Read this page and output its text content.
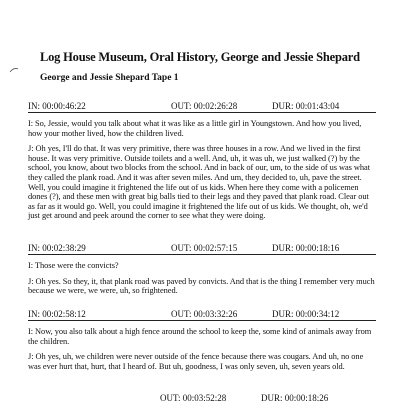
Log House Museum, Oral History, George and Jessie Shepard
George and Jessie Shepard Tape 1
IN: 00:00:46:22	OUT: 00:02:26:28	DUR: 00:01:43:04

I: So, Jessie, would you talk about what it was like as a little girl in Youngstown. And how you lived, how your mother lived, how the children lived.

J: Oh yes, I'll do that. It was very primitive, there was three houses in a row. And we lived in the first house. It was very primitive. Outside toilets and a well. And, uh, it was uh, we just walked (?) by the school, you know, about two blocks from the school. And in back of our, um, to the side of us was what they called the plank road. And it was after seven miles. And um, they decided to, uh, pave the street. Well, you could imagine it frightened the life out of us kids. When here they come with a policemen dones (?), and these men with great big balls tied to their legs and they paved that plank road. Clear out as far as it would go. Well, you could imagine it frightened the life out of us kids. We thought, oh, we'd just get around and peek around the corner to see what they were doing.

IN: 00:02:38:29	OUT: 00:02:57:15	DUR: 00:00:18:16

I: Those were the convicts?

J: Oh yes. So they, it, that plank road was paved by convicts. And that is the thing I remember very much because we were, we were, uh, so frightened.

IN: 00:02:58:12	OUT: 00:03:32:26	DUR: 00:00:34:12

I: Now, you also talk about a high fence around the school to keep the, some kind of animals away from the children.

J: Oh yes, uh, we children were never outside of the fence because there was cougars. And uh, no one was ever hurt that, hurt, that I heard of. But uh, goodness, I was only seven, uh, seven years old.

OUT: 00:03:52:28	DUR: 00:00:18:26
